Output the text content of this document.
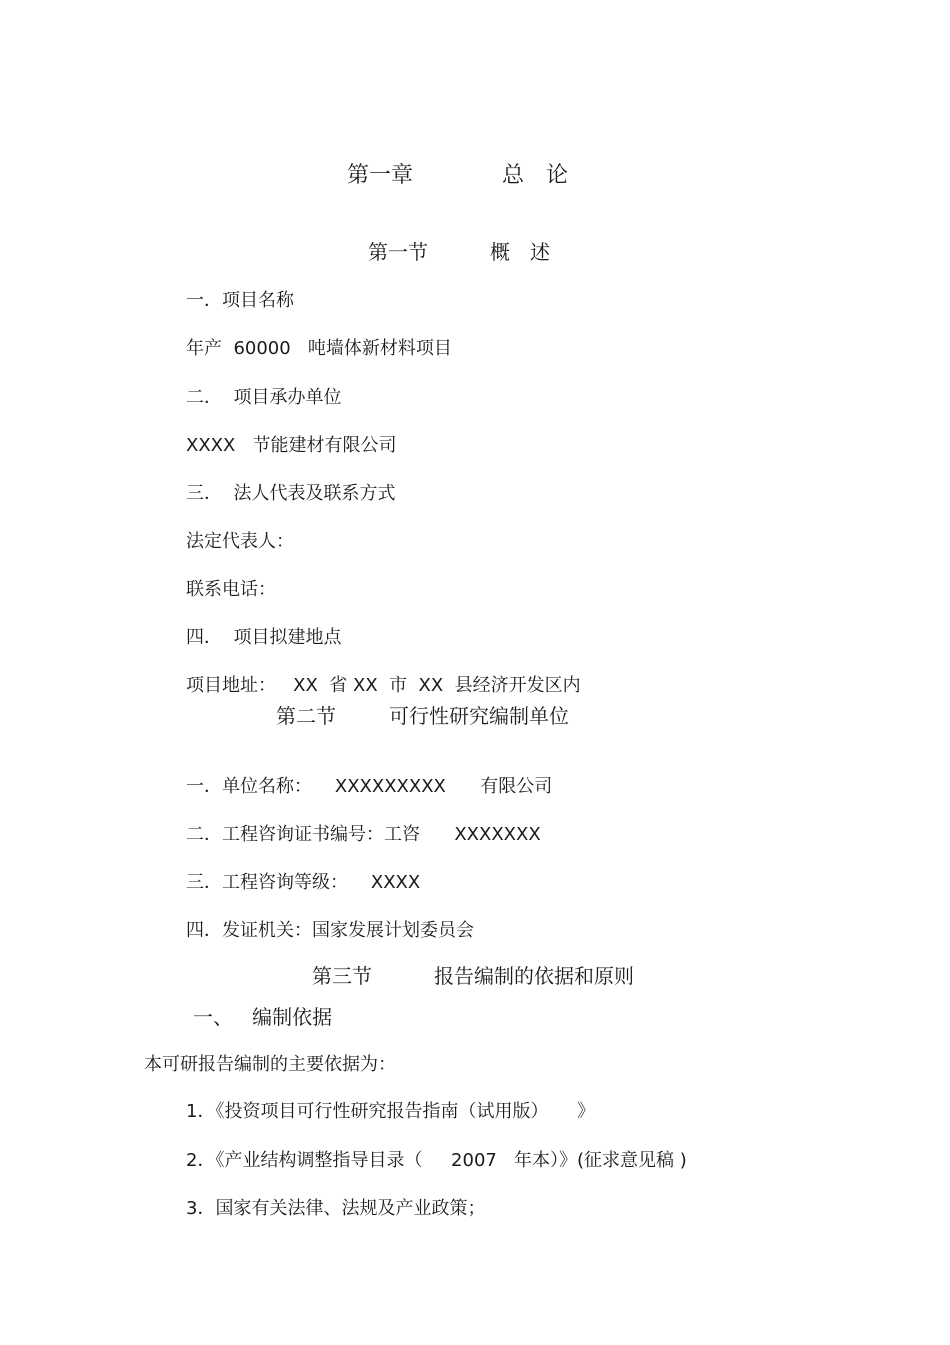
第一章	总　论
第一节	概　述
一．项目名称
年产  60000   吨墙体新材料项目
二．  项目承办单位
XXXX   节能建材有限公司
三．  法人代表及联系方式
法定代表人：
联系电话：
四．  项目拟建地点
项目地址：   XX  省 XX  市  XX  县经济开发区内
第二节	可行性研究编制单位
一．单位名称：    XXXXXXXXX      有限公司
二．工程咨询证书编号：工咨      XXXXXXX
三．工程咨询等级：    XXXX
四．发证机关：国家发展计划委员会
第三节	报告编制的依据和原则
一、   编制依据
本可研报告编制的主要依据为：
1．《投资项目可行性研究报告指南（试用版）     》
2．《产业结构调整指导目录（     2007   年本）》(征求意见稿 )
3．国家有关法律、法规及产业政策；
